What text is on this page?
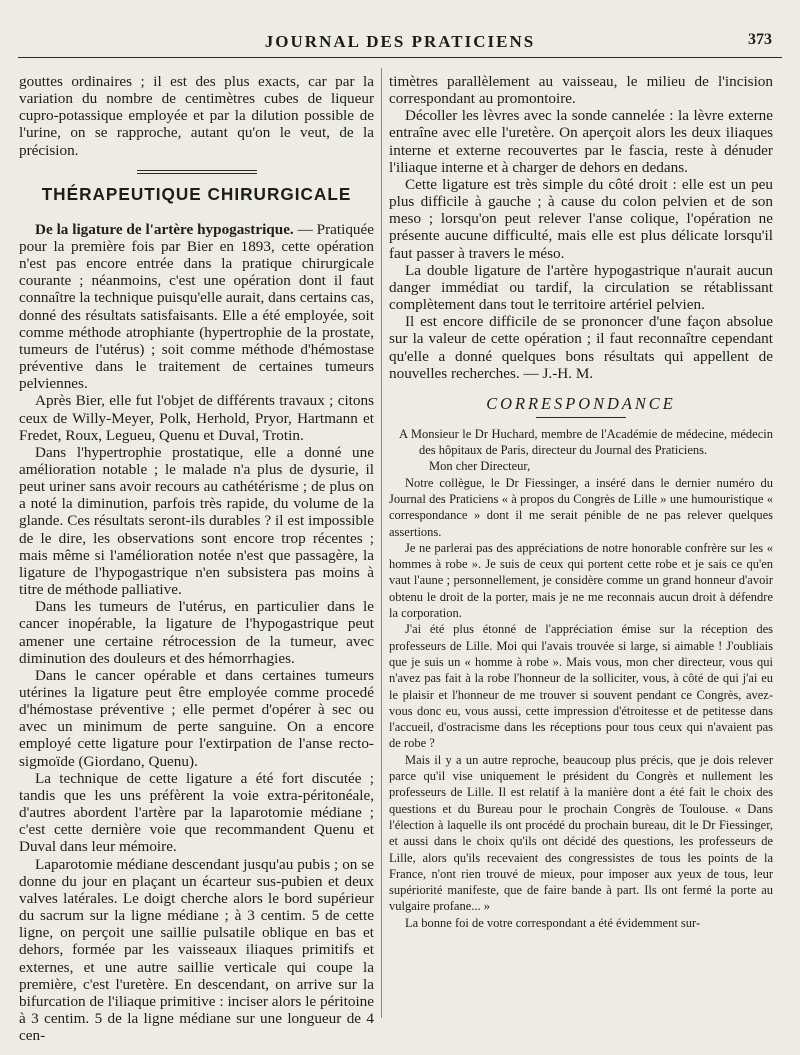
JOURNAL DES PRATICIENS	373

gouttes ordinaires ; il est des plus exacts, car par la variation du nombre de centimètres cubes de liqueur cupro-potassique employée et par la dilution possible de l'urine, on se rapproche, autant qu'on le veut, de la précision.

THÉRAPEUTIQUE CHIRURGICALE

De la ligature de l'artère hypogastrique. — Pratiquée pour la première fois par Bier en 1893, cette opération n'est pas encore entrée dans la pratique chirurgicale courante ; néanmoins, c'est une opération dont il faut connaître la technique puisqu'elle aurait, dans certains cas, donné des résultats satisfaisants. Elle a été employée, soit comme méthode atrophiante (hypertrophie de la prostate, tumeurs de l'utérus) ; soit comme méthode d'hémostase préventive dans le traitement de certaines tumeurs pelviennes.

Après Bier, elle fut l'objet de différents travaux ; citons ceux de Willy-Meyer, Polk, Herhold, Pryor, Hartmann et Fredet, Roux, Legueu, Quenu et Duval, Trotin.

Dans l'hypertrophie prostatique, elle a donné une amélioration notable ; le malade n'a plus de dysurie, il peut uriner sans avoir recours au cathétérisme ; de plus on a noté la diminution, parfois très rapide, du volume de la glande. Ces résultats seront-ils durables ? il est impossible de le dire, les observations sont encore trop récentes ; mais même si l'amélioration notée n'est que passagère, la ligature de l'hypogastrique n'en subsistera pas moins à titre de méthode palliative.

Dans les tumeurs de l'utérus, en particulier dans le cancer inopérable, la ligature de l'hypogastrique peut amener une certaine rétrocession de la tumeur, avec diminution des douleurs et des hémorrhagies.

Dans le cancer opérable et dans certaines tumeurs utérines la ligature peut être employée comme procedé d'hémostase préventive ; elle permet d'opérer à sec ou avec un minimum de perte sanguine. On a encore employé cette ligature pour l'extirpation de l'anse recto-sigmoïde (Giordano, Quenu).

La technique de cette ligature a été fort discutée ; tandis que les uns préfèrent la voie extra-péritonéale, d'autres abordent l'artère par la laparotomie médiane ; c'est cette dernière voie que recommandent Quenu et Duval dans leur mémoire.

Laparotomie médiane descendant jusqu'au pubis ; on se donne du jour en plaçant un écarteur sus-pubien et deux valves latérales. Le doigt cherche alors le bord supérieur du sacrum sur la ligne médiane ; à 3 centim. 5 de cette ligne, on perçoit une saillie pulsatile oblique en bas et dehors, formée par les vaisseaux iliaques primitifs et externes, et une autre saillie verticale qui coupe la première, c'est l'uretère. En descendant, on arrive sur la bifurcation de l'iliaque primitive : inciser alors le péritoine à 3 centim. 5 de la ligne médiane sur une longueur de 4 cen-

timètres parallèlement au vaisseau, le milieu de l'incision correspondant au promontoire.

Décoller les lèvres avec la sonde cannelée : la lèvre externe entraîne avec elle l'uretère. On aperçoit alors les deux iliaques interne et externe recouvertes par le fascia, reste à dénuder l'iliaque interne et à charger de dehors en dedans.

Cette ligature est très simple du côté droit : elle est un peu plus difficile à gauche ; à cause du colon pelvien et de son meso ; lorsqu'on peut relever l'anse colique, l'opération ne présente aucune difficulté, mais elle est plus délicate lorsqu'il faut passer à travers le méso.

La double ligature de l'artère hypogastrique n'aurait aucun danger immédiat ou tardif, la circulation se rétablissant complètement dans tout le territoire artériel pelvien.

Il est encore difficile de se prononcer d'une façon absolue sur la valeur de cette opération ; il faut reconnaître cependant qu'elle a donné quelques bons résultats qui appellent de nouvelles recherches. — J.-H. M.

CORRESPONDANCE

A Monsieur le Dr Huchard, membre de l'Académie de médecine, médecin des hôpitaux de Paris, directeur du Journal des Praticiens.

Mon cher Directeur,

Notre collègue, le Dr Fiessinger, a inséré dans le dernier numéro du Journal des Praticiens « à propos du Congrès de Lille » une humouristique « correspondance » dont il me serait pénible de ne pas relever quelques assertions.

Je ne parlerai pas des appréciations de notre honorable confrère sur les « hommes à robe ». Je suis de ceux qui portent cette robe et je sais ce qu'en vaut l'aune ; personnellement, je considère comme un grand honneur d'avoir obtenu le droit de la porter, mais je ne me reconnais aucun droit à défendre la corporation.

J'ai été plus étonné de l'appréciation émise sur la réception des professeurs de Lille. Moi qui l'avais trouvée si large, si aimable ! J'oubliais que je suis un « homme à robe ». Mais vous, mon cher directeur, vous qui n'avez pas fait à la robe l'honneur de la solliciter, vous, à côté de qui j'ai eu le plaisir et l'honneur de me trouver si souvent pendant ce Congrès, avez-vous donc eu, vous aussi, cette impression d'étroitesse et de petitesse dans l'accueil, d'ostracisme dans les réceptions pour tous ceux qui n'avaient pas de robe ?

Mais il y a un autre reproche, beaucoup plus précis, que je dois relever parce qu'il vise uniquement le président du Congrès et nullement les professeurs de Lille. Il est relatif à la manière dont a été fait le choix des questions et du Bureau pour le prochain Congrès de Toulouse. « Dans l'élection à laquelle ils ont procédé du prochain bureau, dit le Dr Fiessinger, et aussi dans le choix qu'ils ont décidé des questions, les professeurs de Lille, alors qu'ils recevaient des congressistes de tous les points de la France, n'ont rien trouvé de mieux, pour imposer aux yeux de tous, leur supériorité manifeste, que de faire bande à part. Ils ont fermé la porte au vulgaire profane... »

La bonne foi de votre correspondant a été évidemment sur-
